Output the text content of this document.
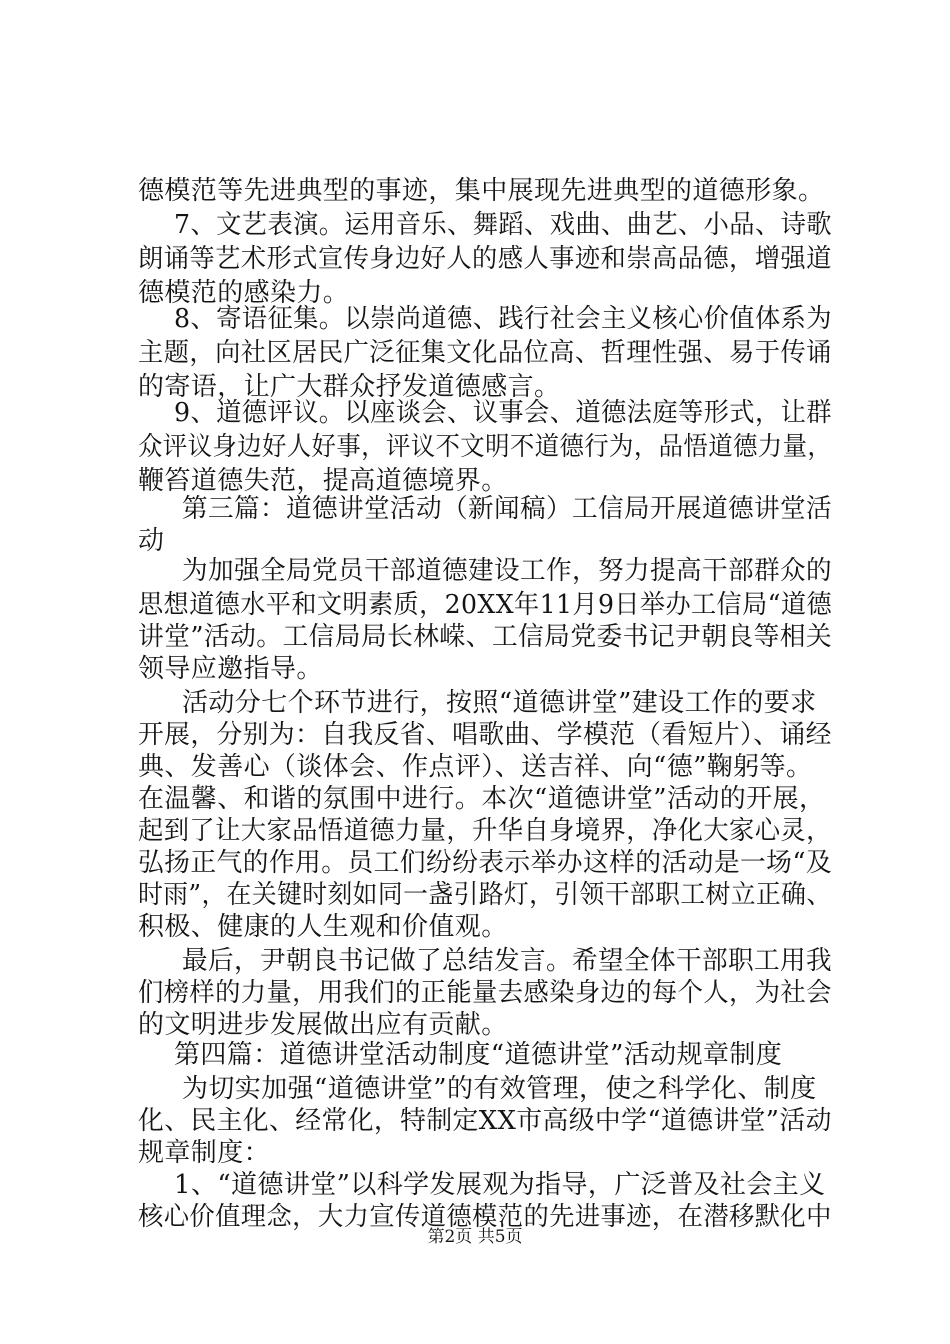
德模范等先进典型的事迹，集中展现先进典型的道德形象。
7、文艺表演。运用音乐、舞蹈、戏曲、曲艺、小品、诗歌
朗诵等艺术形式宣传身边好人的感人事迹和崇高品德，增强道
德模范的感染力。
8、寄语征集。以崇尚道德、践行社会主义核心价值体系为
主题，向社区居民广泛征集文化品位高、哲理性强、易于传诵
的寄语，让广大群众抒发道德感言。
9、道德评议。以座谈会、议事会、道德法庭等形式，让群
众评议身边好人好事，评议不文明不道德行为，品悟道德力量，
鞭笞道德失范，提高道德境界。
第三篇：道德讲堂活动（新闻稿）工信局开展道德讲堂活
动
为加强全局党员干部道德建设工作，努力提高干部群众的
思想道德水平和文明素质，20XX年11月9日举办工信局“道德
讲堂”活动。工信局局长林嵘、工信局党委书记尹朝良等相关
领导应邀指导。
活动分七个环节进行，按照“道德讲堂”建设工作的要求
开展，分别为：自我反省、唱歌曲、学模范（看短片）、诵经
典、发善心（谈体会、作点评）、送吉祥、向“德”鞠躬等。
在温馨、和谐的氛围中进行。本次“道德讲堂”活动的开展，
起到了让大家品悟道德力量，升华自身境界，净化大家心灵，
弘扬正气的作用。员工们纷纷表示举办这样的活动是一场“及
时雨”，在关键时刻如同一盏引路灯，引领干部职工树立正确、
积极、健康的人生观和价值观。
最后，尹朝良书记做了总结发言。希望全体干部职工用我
们榜样的力量，用我们的正能量去感染身边的每个人，为社会
的文明进步发展做出应有贡献。
第四篇：道德讲堂活动制度“道德讲堂”活动规章制度
为切实加强“道德讲堂”的有效管理，使之科学化、制度
化、民主化、经常化，特制定XX市高级中学“道德讲堂”活动
规章制度：
1、“道德讲堂”以科学发展观为指导，广泛普及社会主义
核心价值理念，大力宣传道德模范的先进事迹，在潜移默化中
第2页 共5页
